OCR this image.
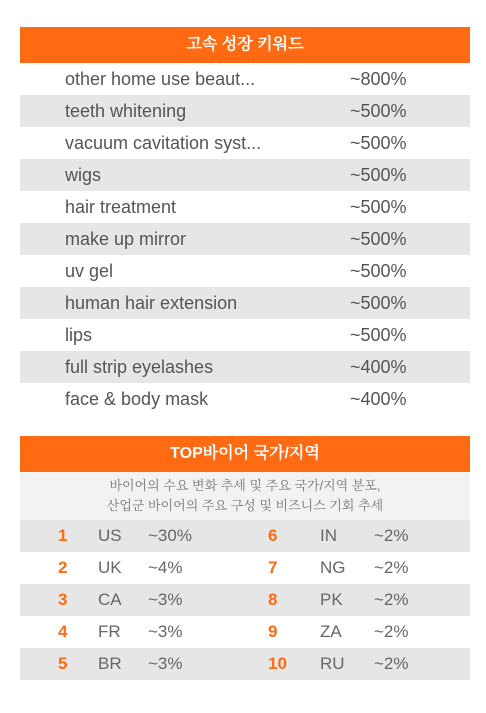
고속 성장 키워드
other home use beaut...	~800%
teeth whitening	~500%
vacuum cavitation syst...	~500%
wigs	~500%
hair treatment	~500%
make up mirror	~500%
uv gel	~500%
human hair extension	~500%
lips	~500%
full strip eyelashes	~400%
face & body mask	~400%
TOP바이어 국가/지역
바이어의 수요 변화 추세 및 주요 국가/지역 분포,
산업군 바이어의 주요 구성 및 비즈니스 기회 추세
1	US	~30%	6	IN	~2%
2	UK	~4%	7	NG	~2%
3	CA	~3%	8	PK	~2%
4	FR	~3%	9	ZA	~2%
5	BR	~3%	10	RU	~2%
